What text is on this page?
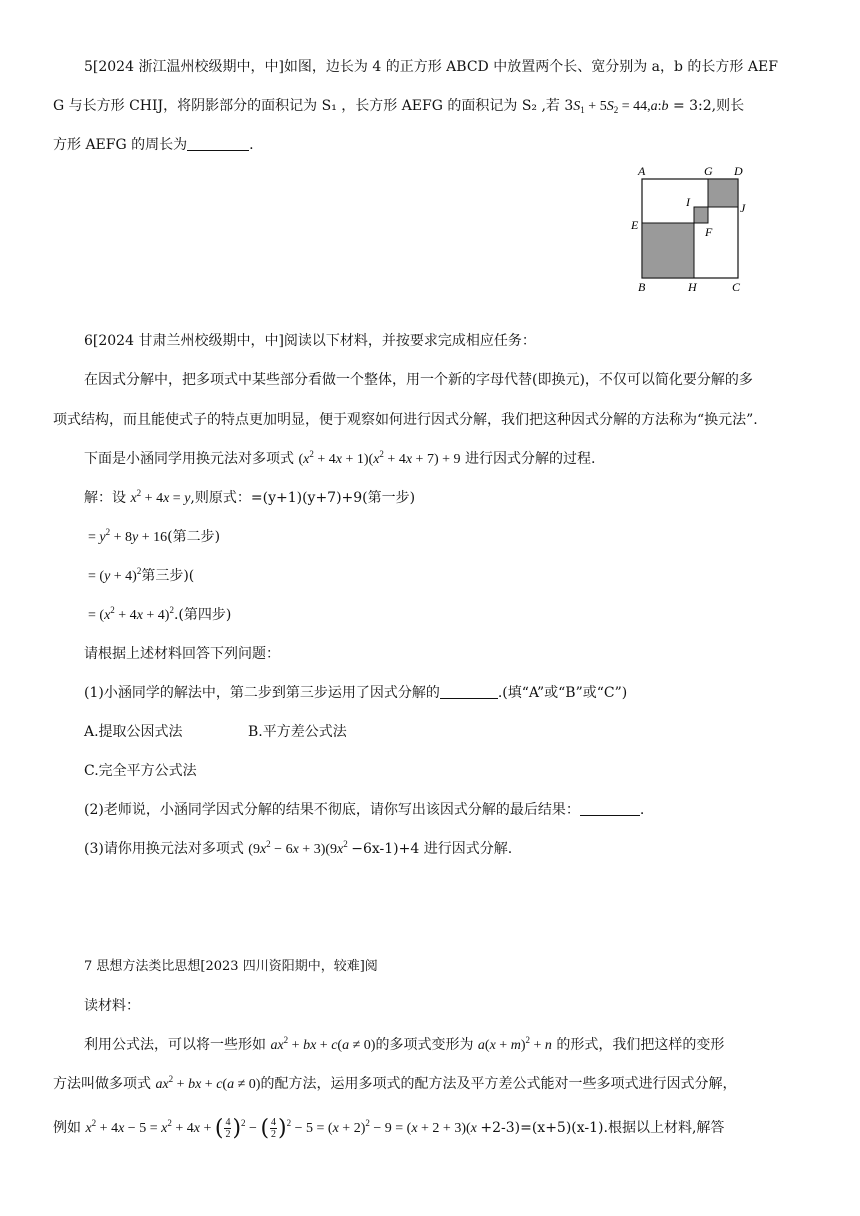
5[2024 浙江温州校级期中，中]如图，边长为 4 的正方形 ABCD 中放置两个长、宽分别为 a，b 的长方形 AEF
G 与长方形 CHIJ，将阴影部分的面积记为 S₁ ，长方形 AEFG 的面积记为 S₂ ,若 $3S_1 + 5S_2$ = 44,a:b = 3:2,则长
方形 AEFG 的周长为	.
A	G D
I	J
E	F
B	H	C
6[2024 甘肃兰州校级期中，中]阅读以下材料，并按要求完成相应任务：
在因式分解中，把多项式中某些部分看做一个整体，用一个新的字母代替(即换元)，不仅可以简化要分解的多
项式结构，而且能使式子的特点更加明显，便于观察如何进行因式分解，我们把这种因式分解的方法称为“换元法”.
下面是小涵同学用换元法对多项式 $(x^2 + 4x + 1)(x^2 + 4x + 7) + 9$ 进行因式分解的过程.
解：设 $x^2 + 4x = y$,则原式：=(y+1)(y+7)+9(第一步)
= $y^2 + 8y + 16$(第二步)
= $(y + 4)^2$第三步)(
= $(x^2 + 4x + 4)^2$.(第四步)
请根据上述材料回答下列问题：
(1)小涵同学的解法中，第二步到第三步运用了因式分解的	.(填“A”或“B”或“C”)
A.提取公因式法	B.平方差公式法
C.完全平方公式法
(2)老师说，小涵同学因式分解的结果不彻底，请你写出该因式分解的最后结果：	.
(3)请你用换元法对多项式 $(9x^2 - 6x + 3)(9x^2 -6x-1)+4$ 进行因式分解.
7 思想方法类比思想[2023 四川资阳期中，较难]阅
读材料：
利用公式法，可以将一些形如 $ax^2$ + bx + c(a ≠ 0)的多项式变形为 $a(x + m)^2 + n$ 的形式，我们把这样的变形
方法叫做多项式 $ax^2$ + bx + c(a ≠ 0)的配方法，运用多项式的配方法及平方差公式能对一些多项式进行因式分解，
例如 $x^2 + 4x - 5 = x^2 + 4x$ + ( $\frac{4}{2} )^2$ − ( $\frac{4}{2} )^2 - 5 = (x + 2)^2 - 9 = (x + 2 + 3)(x +2-3)=(x+5)(x-1)$.根据以上材料,解答
